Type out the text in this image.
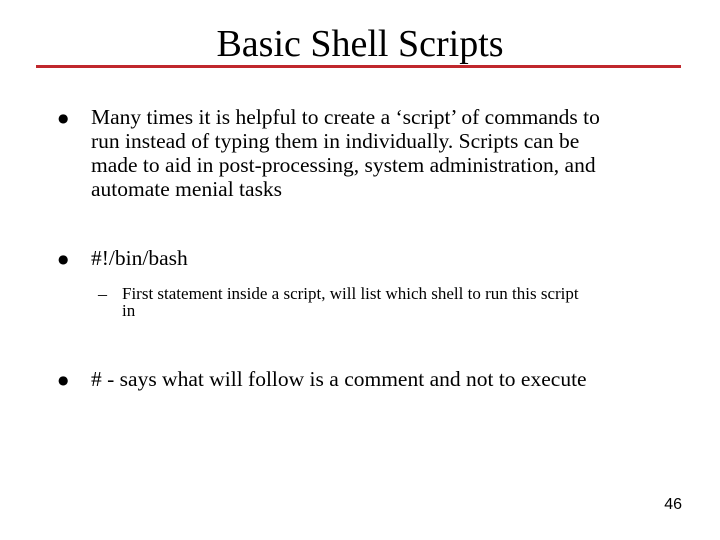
Basic Shell Scripts
● Many times it is helpful to create a ‘script’ of commands to
run instead of typing them in individually. Scripts can be
made to aid in post-processing, system administration, and
automate menial tasks
● #!/bin/bash
– First statement inside a script, will list which shell to run this script
in
● # - says what will follow is a comment and not to execute
46
